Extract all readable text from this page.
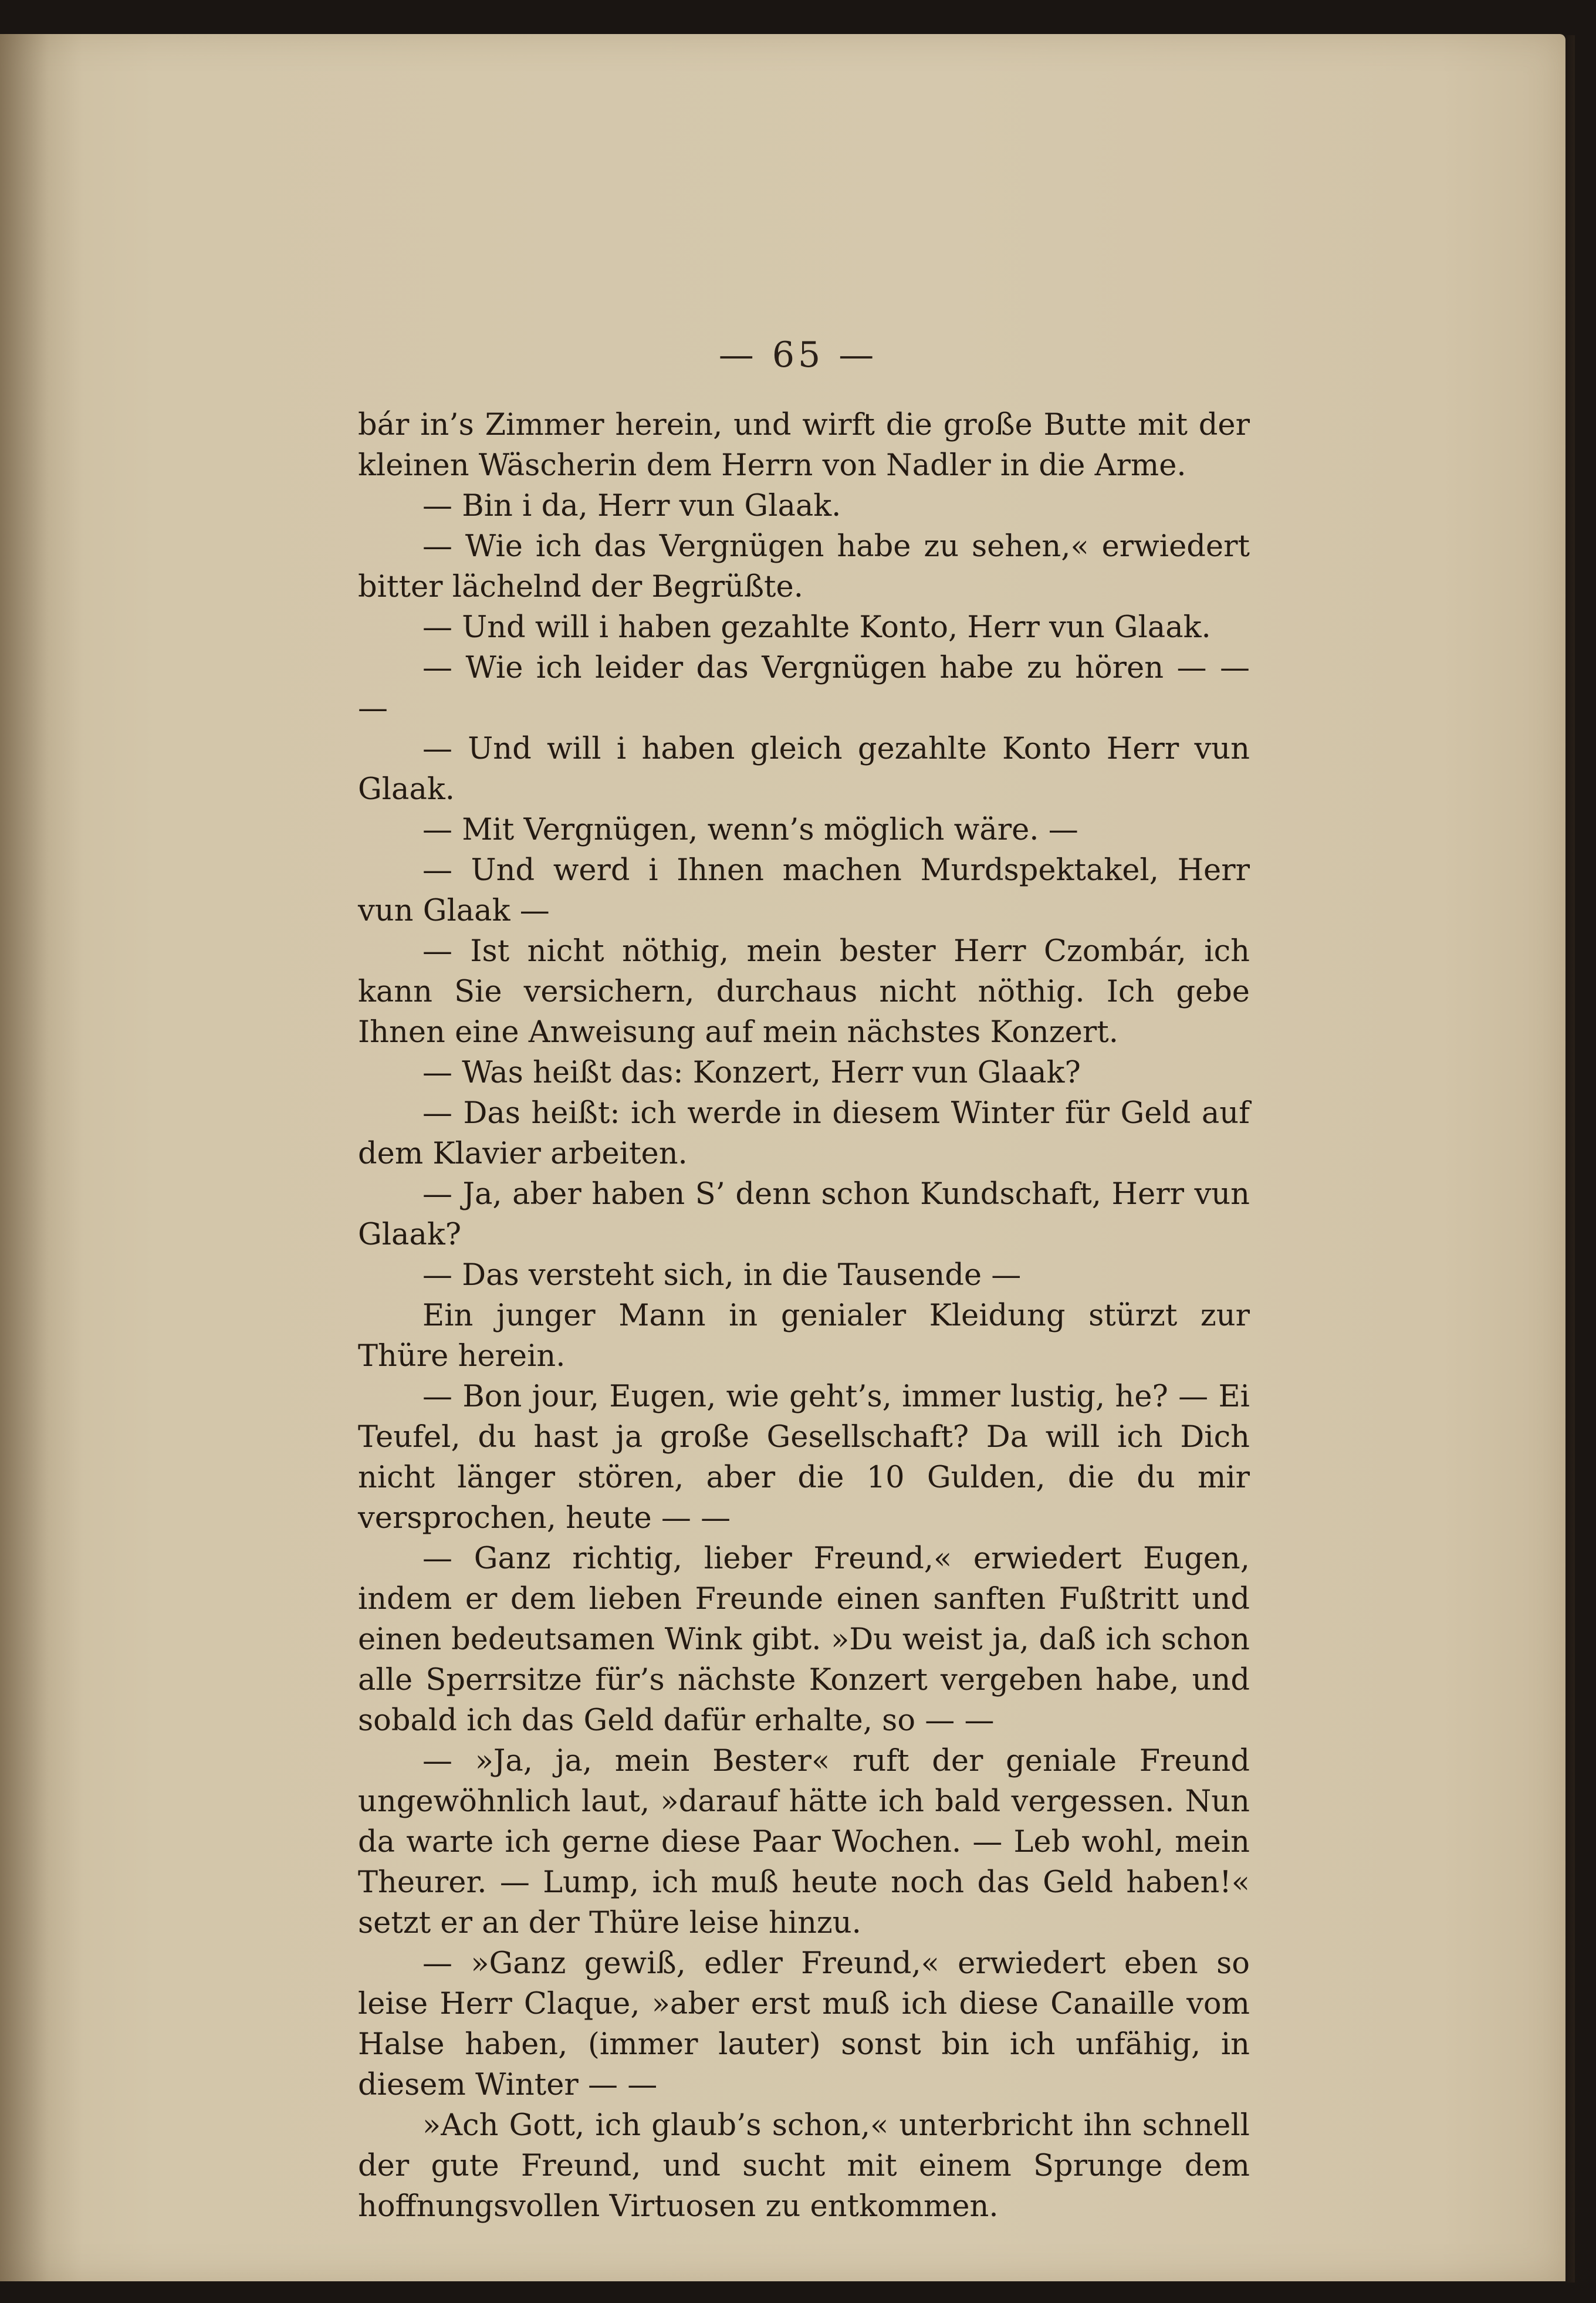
— 65 —

bár in’s Zimmer herein, und wirft die große Butte mit der kleinen Wäscherin dem Herrn von Nadler in die Arme.

— Bin i da, Herr vun Glaak.

— Wie ich das Vergnügen habe zu sehen,« erwiedert bitter lächelnd der Begrüßte.

— Und will i haben gezahlte Konto, Herr vun Glaak.

— Wie ich leider das Vergnügen habe zu hören — — —

— Und will i haben gleich gezahlte Konto Herr vun Glaak.

— Mit Vergnügen, wenn’s möglich wäre. —

— Und werd i Ihnen machen Murdspektakel, Herr vun Glaak —

— Ist nicht nöthig, mein bester Herr Czombár, ich kann Sie versichern, durchaus nicht nöthig. Ich gebe Ihnen eine Anweisung auf mein nächstes Konzert.

— Was heißt das: Konzert, Herr vun Glaak?

— Das heißt: ich werde in diesem Winter für Geld auf dem Klavier arbeiten.

— Ja, aber haben S’ denn schon Kundschaft, Herr vun Glaak?

— Das versteht sich, in die Tausende —

Ein junger Mann in genialer Kleidung stürzt zur Thüre herein.

— Bon jour, Eugen, wie geht’s, immer lustig, he? — Ei Teufel, du hast ja große Gesellschaft? Da will ich Dich nicht länger stören, aber die 10 Gulden, die du mir versprochen, heute — —

— Ganz richtig, lieber Freund,« erwiedert Eugen, indem er dem lieben Freunde einen sanften Fußtritt und einen bedeutsamen Wink gibt. »Du weist ja, daß ich schon alle Sperrsitze für’s nächste Konzert vergeben habe, und sobald ich das Geld dafür erhalte, so — —

— »Ja, ja, mein Bester« ruft der geniale Freund ungewöhnlich laut, »darauf hätte ich bald vergessen. Nun da warte ich gerne diese Paar Wochen. — Leb wohl, mein Theurer. — Lump, ich muß heute noch das Geld haben!« setzt er an der Thüre leise hinzu.

— »Ganz gewiß, edler Freund,« erwiedert eben so leise Herr Claque, »aber erst muß ich diese Canaille vom Halse haben, (immer lauter) sonst bin ich unfähig, in diesem Winter — —

»Ach Gott, ich glaub’s schon,« unterbricht ihn schnell der gute Freund, und sucht mit einem Sprunge dem hoffnungsvollen Virtuosen zu entkommen.
